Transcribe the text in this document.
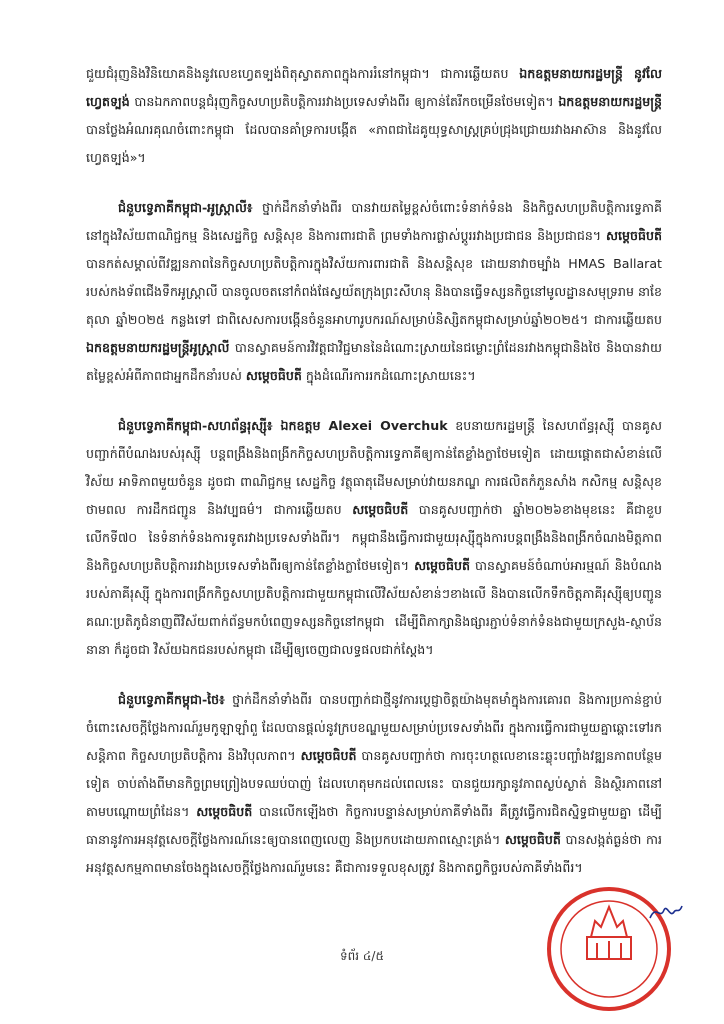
ជួយជំរុញនិងវិនិយោគនិងនូវលេខហ្វេតទ្បង់ពិតុស្វាតភាពក្នុងការរំនៅកម្ពុជា។ ជាការឆ្លើយតប ឯកឧត្តមនាយករដ្ឋមន្ត្រី នូវលែហ្វេតទ្បង់ បានឯកភាពបន្តជំរុញកិច្ចសហប្រតិបត្តិការរវាងប្រទេសទាំងពីរ ឲ្យកាន់តែរីកចម្រើនថែមទៀត។ ឯកឧត្តមនាយករដ្ឋមន្ត្រី បានថ្លែងអំណរគុណចំពោះកម្ពុជា ដែលបានគាំទ្រការបង្កើត «ភាពជាដៃគូយុទ្ធសាស្ត្រគ្រប់ជ្រុងជ្រោយរវាងអាស៊ាន និងនូវលែហ្វេតទ្បង់»។

ជំនួបទ្វេភាគីកម្ពុជា-អូស្ត្រាលី៖ ថ្នាក់ដឹកនាំទាំងពីរ បានវាយតម្លៃខ្ពស់ចំពោះទំនាក់ទំនង និងកិច្ចសហប្រតិបត្តិការទ្វេភាគី នៅក្នុងវិស័យពាណិជ្ជកម្ម និងសេដ្ឋកិច្ច សន្តិសុខ និងការពារជាតិ ព្រមទាំងការផ្លាស់ប្តូររវាងប្រជាជន និងប្រជាជន។ សម្ដេចធិបតី បានកត់សម្គាល់ពីវឌ្ឍនភាពនៃកិច្ចសហប្រតិបត្តិការក្នុងវិស័យការពារជាតិ និងសន្តិសុខ ដោយនាវាចម្បាំង HMAS Ballarat របស់កងទ័ពជើងទឹកអូស្ត្រាលី បានចូលចតនៅកំពង់ផែស្វយ័តក្រុងព្រះសីហនុ និងបានធ្វើទស្សនកិច្ចនៅមូលដ្ឋានសមុទ្ររាម នាខែតុលា ឆ្នាំ២០២៥ កន្លងទៅ ជាពិសេសការបង្កើនចំនួនអាហារូបករណ៍សម្រាប់និស្សិតកម្ពុជាសម្រាប់ឆ្នាំ២០២៥។ ជាការឆ្លើយតប ឯកឧត្តមនាយករដ្ឋមន្ត្រីអូស្ត្រាលី បានស្វាគមន៍ការវិវត្តជាវិជ្ជមាននៃដំណោះស្រាយនៃជម្លោះព្រំដែនរវាងកម្ពុជានិងថៃ និងបានវាយតម្លៃខ្ពស់អំពីភាពជាអ្នកដឹកនាំរបស់ សម្ដេចធិបតី ក្នុងដំណើរការរកដំណោះស្រាយនេះ។

ជំនួបទ្វេភាគីកម្ពុជា-សហព័ន្ធរុស្ស៊ី៖ ឯកឧត្តម Alexei Overchuk ឧបនាយករដ្ឋមន្ត្រី នៃសហព័ន្ធរុស្ស៊ី បានគូសបញ្ជាក់ពីបំណងរបស់រុស្ស៊ី បន្តពង្រឹងនិងពង្រីកកិច្ចសហប្រតិបត្តិការទ្វេភាគីឲ្យកាន់តែខ្លាំងក្លាថែមទៀត ដោយផ្តោតជាសំខាន់លើវិស័យ អាទិភាពមួយចំនួន ដូចជា ពាណិជ្ជកម្ម សេដ្ឋកិច្ច វត្ថុធាតុដើមសម្រាប់វាយនភណ្ឌ ការផលិតកំភួនសាំង កសិកម្ម សន្តិសុខថាមពល ការដឹកជញ្ជូន និងវប្បធម៌។ ជាការឆ្លើយតប សម្ដេចធិបតី បានគូសបញ្ជាក់ថា ឆ្នាំ២០២៦ខាងមុខនេះ គឺជាខួបលើកទី៧០ នៃទំនាក់ទំនងការទូតរវាងប្រទេសទាំងពីរ។ កម្ពុជានឹងធ្វើការជាមួយរុស្ស៊ីក្នុងការបន្តពង្រឹងនិងពង្រីកចំណងមិត្តភាព និងកិច្ចសហប្រតិបត្តិការរវាងប្រទេសទាំងពីរឲ្យកាន់តែខ្លាំងក្លាថែមទៀត។ សម្ដេចធិបតី បានស្វាគមន៍ចំណាប់អារម្មណ៍ និងបំណងរបស់ភាគីរុស្ស៊ី ក្នុងការពង្រីកកិច្ចសហប្រតិបត្តិការជាមួយកម្ពុជាលើវិស័យសំខាន់ៗខាងលើ និងបានលើកទឹកចិត្តភាគីរុស្ស៊ីឲ្យបញ្ជូនគណៈប្រតិភូជំនាញពីវិស័យពាក់ព័ន្ធមកបំពេញទស្សនកិច្ចនៅកម្ពុជា ដើម្បីពិភាក្សានិងផ្សារភ្ជាប់ទំនាក់ទំនងជាមួយក្រសួង-ស្ថាប័ននានា ក៏ដូចជា វិស័យឯកជនរបស់កម្ពុជា ដើម្បីឲ្យចេញជាលទ្ធផលជាក់ស្តែង។

ជំនួបទ្វេភាគីកម្ពុជា-ថៃ៖ ថ្នាក់ដឹកនាំទាំងពីរ បានបញ្ជាក់ជាថ្មីនូវការប្តេជ្ញាចិត្តយ៉ាងមុតមាំក្នុងការគោរព និងការប្រកាន់ខ្ជាប់ចំពោះសេចក្តីថ្លែងការណ៍រួមកូឡាឡាំពួ ដែលបានផ្តល់នូវក្របខណ្ឌមួយសម្រាប់ប្រទេសទាំងពីរ ក្នុងការធ្វើការជាមួយគ្នាឆ្ពោះទៅរកសន្តិភាព កិច្ចសហប្រតិបត្តិការ និងវិបុលភាព។ សម្ដេចធិបតី បានគូសបញ្ជាក់ថា ការចុះហត្ថលេខានេះឆ្លុះបញ្ចាំងវឌ្ឍនភាពបន្ថែមទៀត ចាប់តាំងពីមានកិច្ចព្រមព្រៀងបទឈប់បាញ់ ដែលហេតុមកដល់ពេលនេះ បានជួយរក្សានូវភាពស្ងប់ស្ងាត់ និងស្ថិរភាពនៅតាមបណ្តោយព្រំដែន។ សម្ដេចធិបតី បានលើកឡើងថា កិច្ចការបន្ទាន់សម្រាប់ភាគីទាំងពីរ គឺត្រូវធ្វើការជិតស្និទ្ធជាមួយគ្នា ដើម្បីធានានូវការអនុវត្តសេចក្តីថ្លែងការណ៍នេះឲ្យបានពេញលេញ និងប្រកបដោយភាពស្មោះត្រង់។ សម្ដេចធិបតី បានសង្កត់ធ្ងន់ថា ការអនុវត្តសកម្មភាពមានចែងក្នុងសេចក្តីថ្លែងការណ៍រួមនេះ គឺជាការទទួលខុសត្រូវ និងកាតព្វកិច្ចរបស់ភាគីទាំងពីរ។

ទំព័រ ៤/៥
